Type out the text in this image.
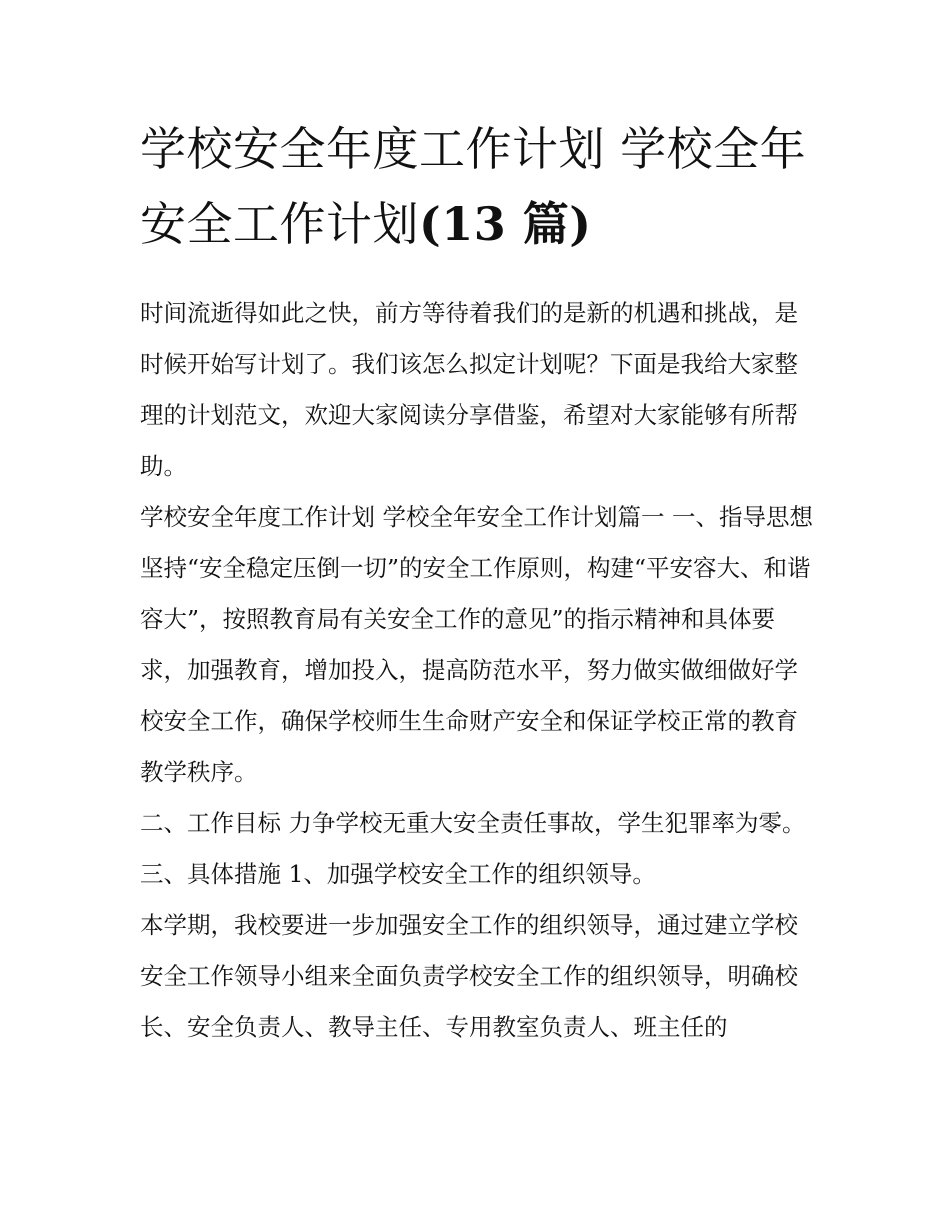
学校安全年度工作计划 学校全年安全工作计划(13 篇)

时间流逝得如此之快，前方等待着我们的是新的机遇和挑战，是时候开始写计划了。我们该怎么拟定计划呢？下面是我给大家整理的计划范文，欢迎大家阅读分享借鉴，希望对大家能够有所帮助。

学校安全年度工作计划 学校全年安全工作计划篇一 一、指导思想

坚持“安全稳定压倒一切”的安全工作原则，构建“平安容大、和谐容大”，按照教育局有关安全工作的意见”的指示精神和具体要求，加强教育，增加投入，提高防范水平，努力做实做细做好学校安全工作，确保学校师生生命财产安全和保证学校正常的教育教学秩序。

二、工作目标 力争学校无重大安全责任事故，学生犯罪率为零。 三、具体措施 1、加强学校安全工作的组织领导。

本学期，我校要进一步加强安全工作的组织领导，通过建立学校安全工作领导小组来全面负责学校安全工作的组织领导，明确校长、安全负责人、教导主任、专用教室负责人、班主任的
